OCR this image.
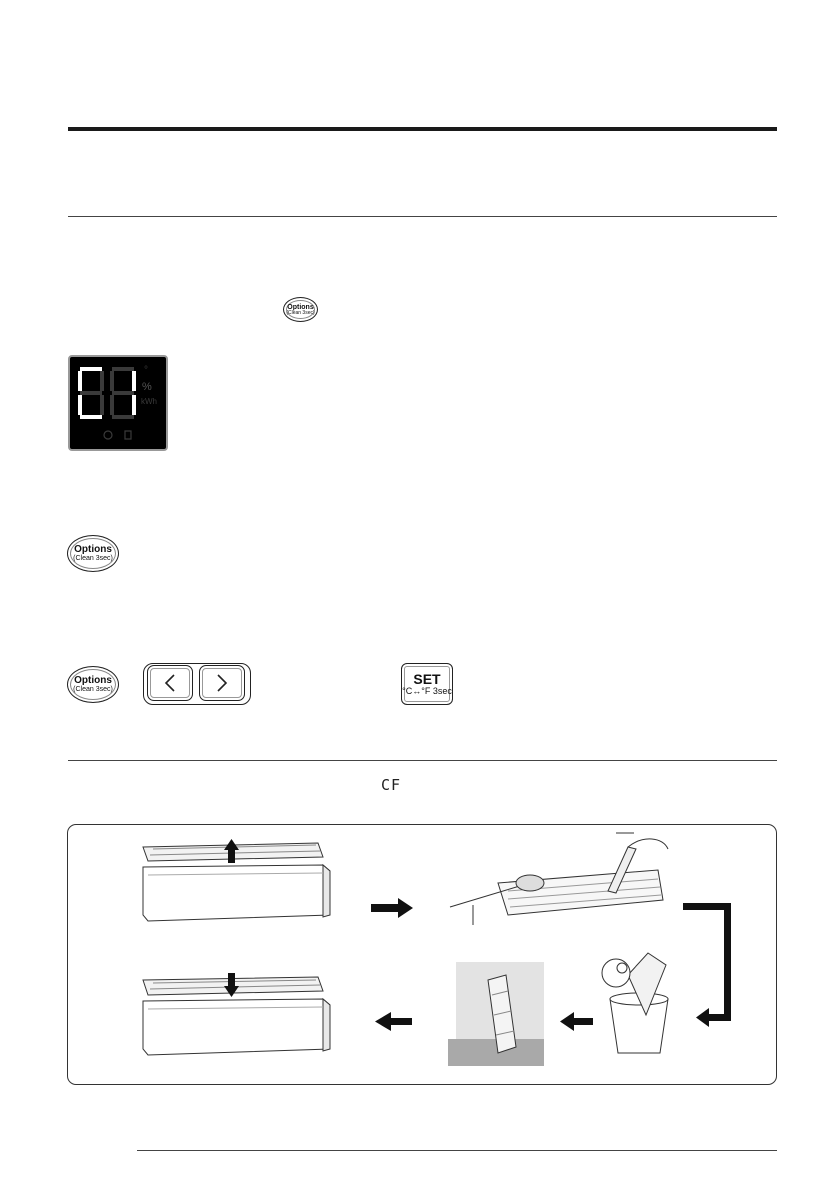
Options
(Clean 3sec)
°
%
kWh
Options
(Clean 3sec)
Options
(Clean 3sec)
SET
°C↔°F 3sec
CF
